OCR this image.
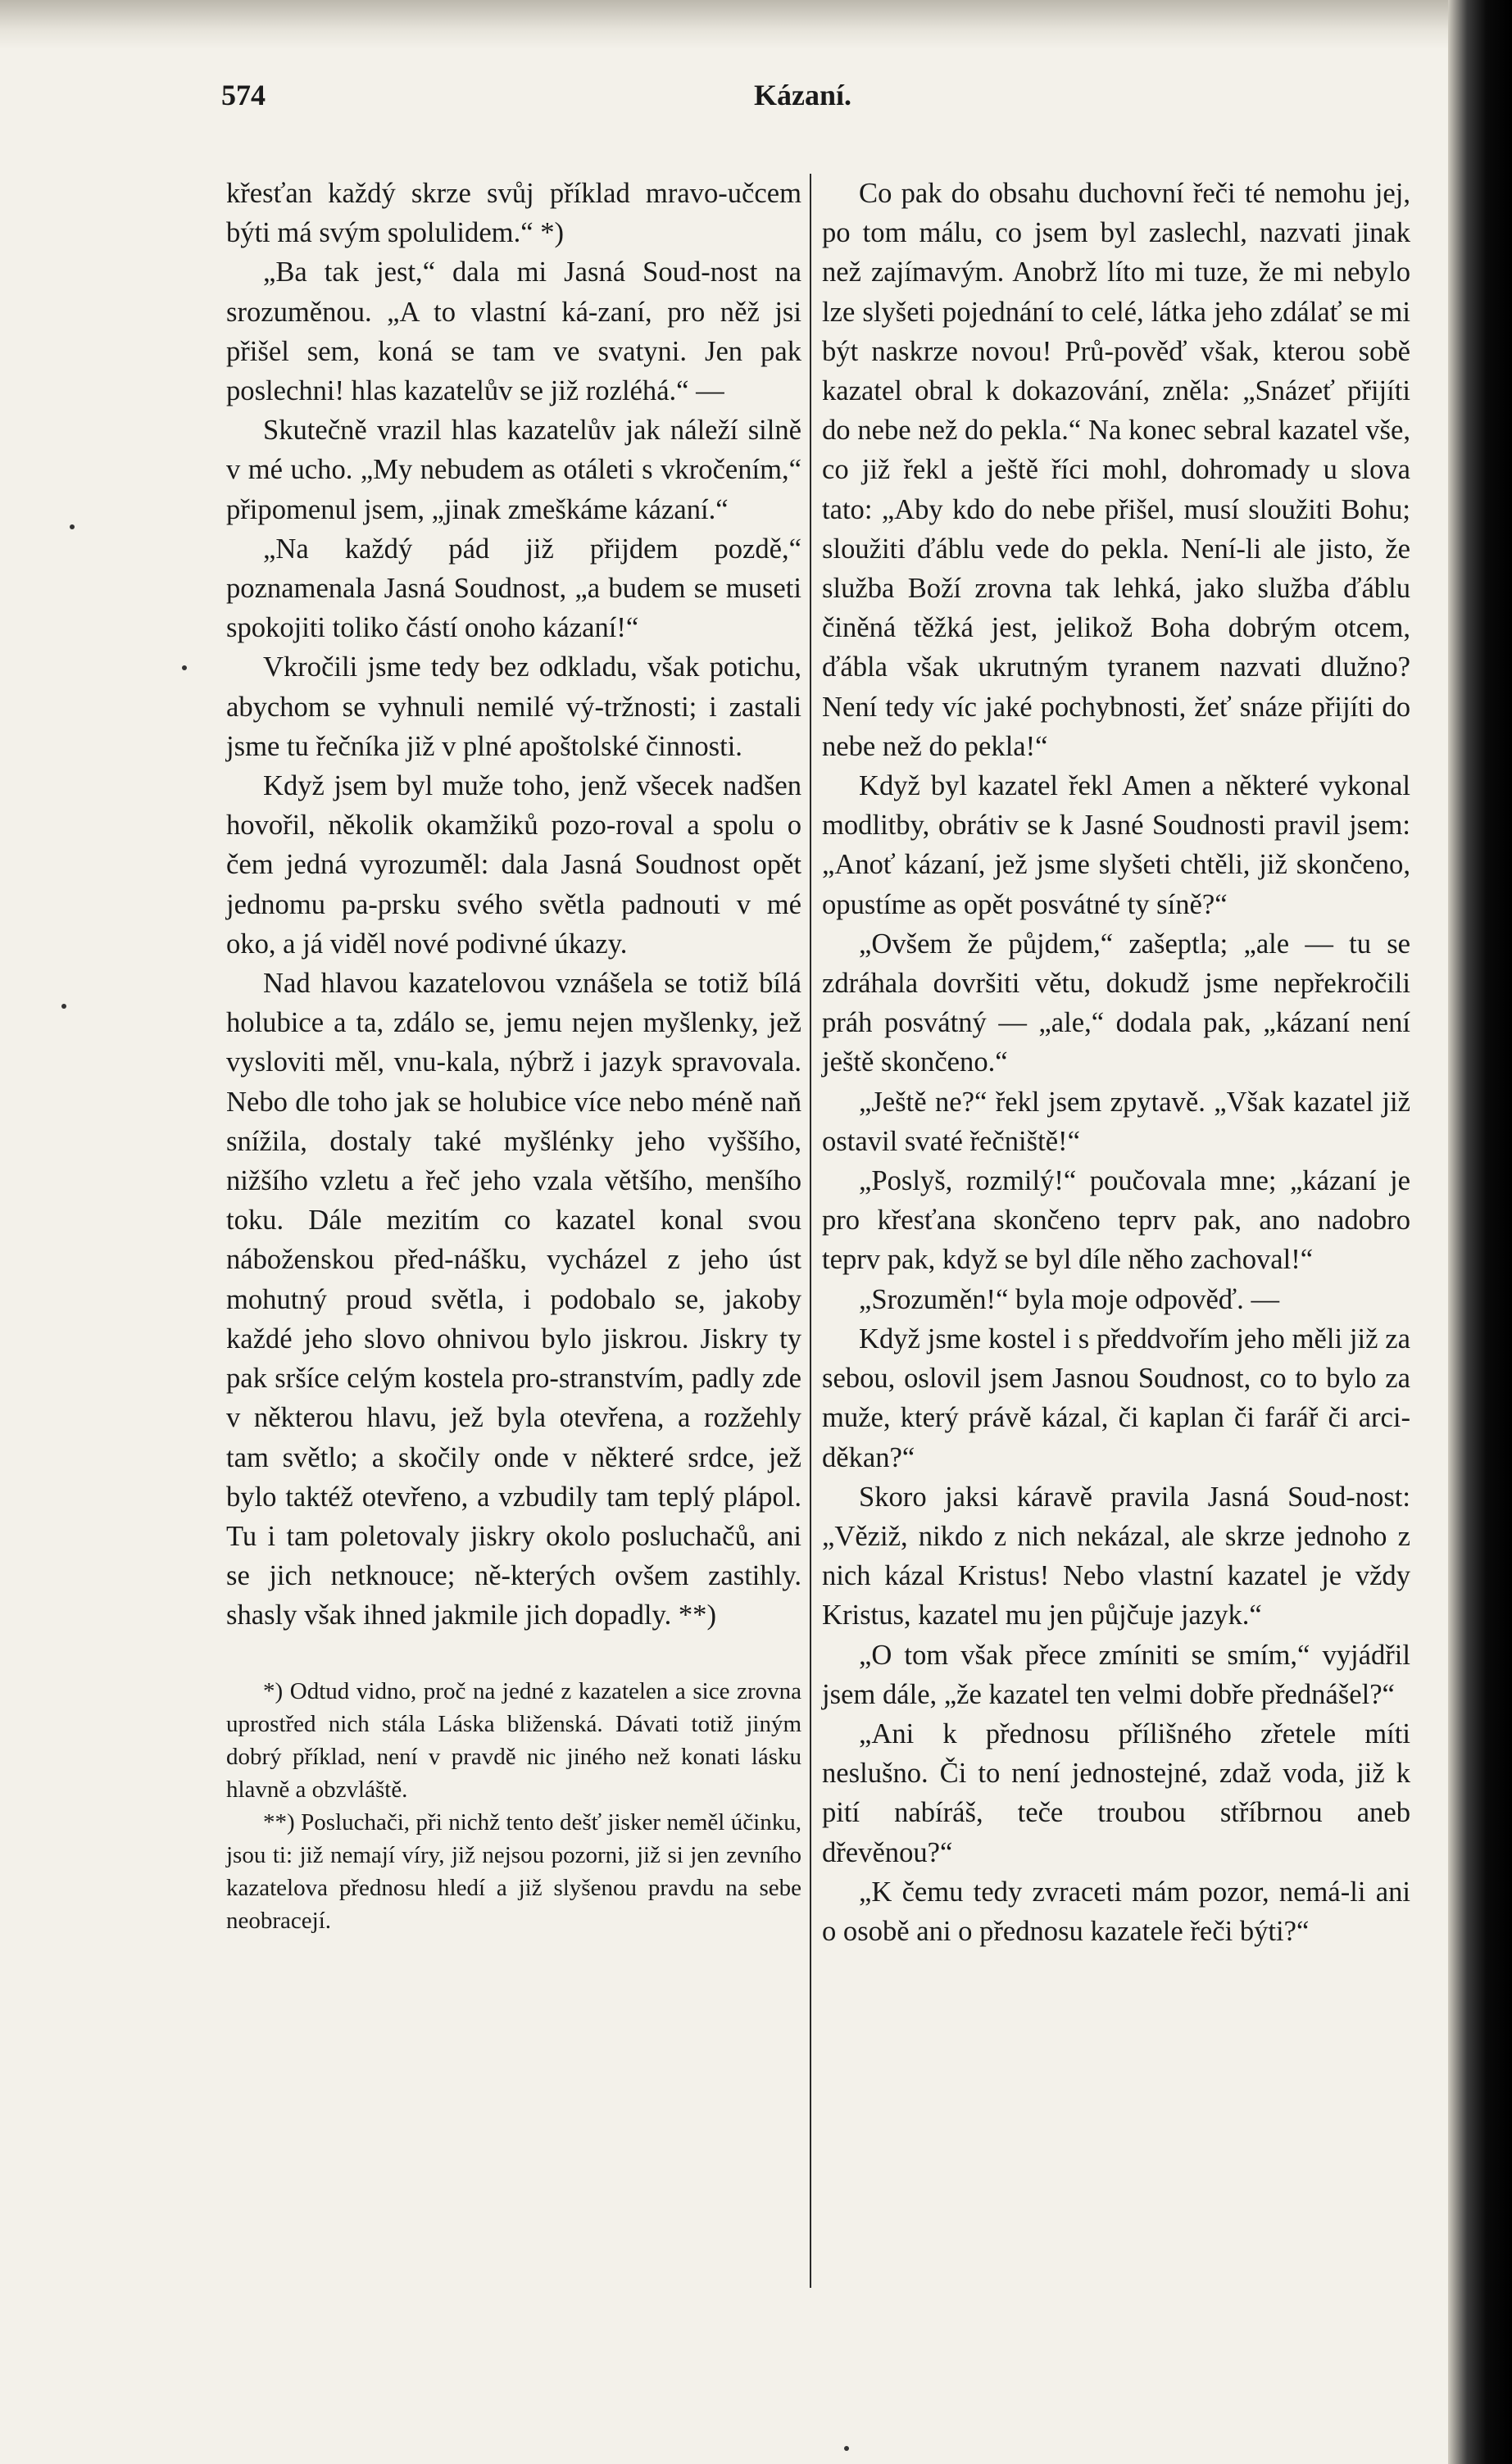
574	Kázaní.

křesťan každý skrze svůj příklad mravo-učcem býti má svým spolulidem.“ *)

„Ba tak jest,“ dala mi Jasná Soud-nost na srozuměnou. „A to vlastní ká-zaní, pro něž jsi přišel sem, koná se tam ve svatyni. Jen pak poslechni! hlas kazatelův se již rozléhá.“ —

Skutečně vrazil hlas kazatelův jak náleží silně v mé ucho. „My nebudem as otáleti s vkročením,“ připomenul jsem, „jinak zmeškáme kázaní.“

„Na každý pád již přijdem pozdě,“ poznamenala Jasná Soudnost, „a budem se museti spokojiti toliko částí onoho kázaní!“

Vkročili jsme tedy bez odkladu, však potichu, abychom se vyhnuli nemilé vý-tržnosti; i zastali jsme tu řečníka již v plné apoštolské činnosti.

Když jsem byl muže toho, jenž všecek nadšen hovořil, několik okamžiků pozo-roval a spolu o čem jedná vyrozuměl: dala Jasná Soudnost opět jednomu pa-prsku svého světla padnouti v mé oko, a já viděl nové podivné úkazy.

Nad hlavou kazatelovou vznášela se totiž bílá holubice a ta, zdálo se, jemu nejen myšlenky, jež vysloviti měl, vnu-kala, nýbrž i jazyk spravovala. Nebo dle toho jak se holubice více nebo méně naň snížila, dostaly také myšlénky jeho vyššího, nižšího vzletu a řeč jeho vzala většího, menšího toku. Dále mezitím co kazatel konal svou náboženskou před-nášku, vycházel z jeho úst mohutný proud světla, i podobalo se, jakoby každé jeho slovo ohnivou bylo jiskrou. Jiskry ty pak sršíce celým kostela pro-stranstvím, padly zde v některou hlavu, jež byla otevřena, a rozžehly tam světlo; a skočily onde v některé srdce, jež bylo taktéž otevřeno, a vzbudily tam teplý plápol. Tu i tam poletovaly jiskry okolo posluchačů, ani se jich netknouce; ně-kterých ovšem zastihly. shasly však ihned jakmile jich dopadly. **)

*) Odtud vidno, proč na jedné z kazatelen a sice zrovna uprostřed nich stála Láska bliženská. Dávati totiž jiným dobrý příklad, není v pravdě nic jiného než konati lásku hlavně a obzvláště.

**) Posluchači, při nichž tento dešť jisker neměl účinku, jsou ti: již nemají víry, již nejsou pozorni, již si jen zevního kazatelova přednosu hledí a již slyšenou pravdu na sebe neobracejí.

Co pak do obsahu duchovní řeči té nemohu jej, po tom málu, co jsem byl zaslechl, nazvati jinak než zajímavým. Anobrž líto mi tuze, že mi nebylo lze slyšeti pojednání to celé, látka jeho zdálať se mi být naskrze novou! Prů-pověď však, kterou sobě kazatel obral k dokazování, zněla: „Snázeť přijíti do nebe než do pekla.“ Na konec sebral kazatel vše, co již řekl a ještě říci mohl, dohromady u slova tato: „Aby kdo do nebe přišel, musí sloužiti Bohu; sloužiti ďáblu vede do pekla. Není-li ale jisto, že služba Boží zrovna tak lehká, jako služba ďáblu činěná těžká jest, jelikož Boha dobrým otcem, ďábla však ukrutným tyranem nazvati dlužno? Není tedy víc jaké pochybnosti, žeť snáze přijíti do nebe než do pekla!“

Když byl kazatel řekl Amen a některé vykonal modlitby, obrátiv se k Jasné Soudnosti pravil jsem: „Anoť kázaní, jež jsme slyšeti chtěli, již skončeno, opustíme as opět posvátné ty síně?“

„Ovšem že půjdem,“ zašeptla; „ale — tu se zdráhala dovršiti větu, dokudž jsme nepřekročili práh posvátný — „ale,“ dodala pak, „kázaní není ještě skončeno.“

„Ještě ne?“ řekl jsem zpytavě. „Však kazatel již ostavil svaté řečniště!“

„Poslyš, rozmilý!“ poučovala mne; „kázaní je pro křesťana skončeno teprv pak, ano nadobro teprv pak, když se byl díle něho zachoval!“

„Srozuměn!“ byla moje odpověď. —

Když jsme kostel i s předdvořím jeho měli již za sebou, oslovil jsem Jasnou Soudnost, co to bylo za muže, který právě kázal, či kaplan či farář či arci-děkan?“

Skoro jaksi káravě pravila Jasná Soud-nost: „Věziž, nikdo z nich nekázal, ale skrze jednoho z nich kázal Kristus! Nebo vlastní kazatel je vždy Kristus, kazatel mu jen půjčuje jazyk.“

„O tom však přece zmíniti se smím,“ vyjádřil jsem dále, „že kazatel ten velmi dobře přednášel?“

„Ani k přednosu přílišného zřetele míti neslušno. Či to není jednostejné, zdaž voda, již k pití nabíráš, teče troubou stříbrnou aneb dřevěnou?“

„K čemu tedy zvraceti mám pozor, nemá-li ani o osobě ani o přednosu kazatele řeči býti?“
